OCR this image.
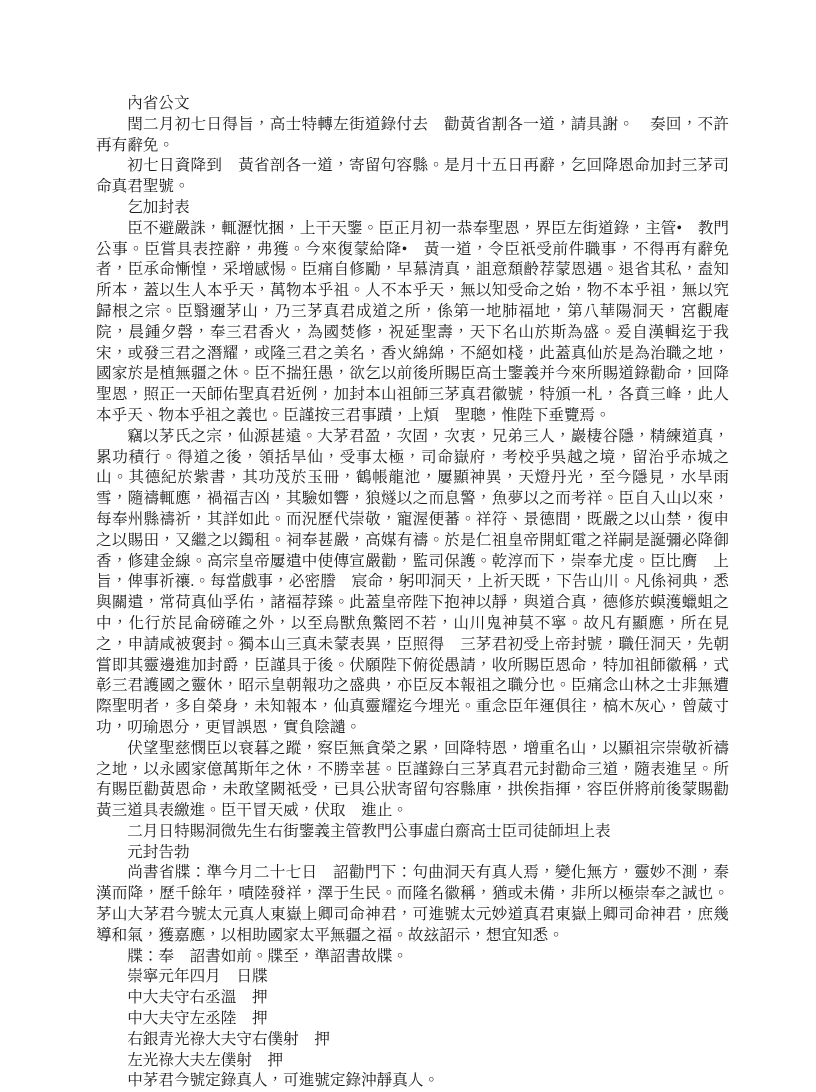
內省公文

閏二月初七日得旨，高士特轉左街道錄付去　勸黃省割各一道，請具謝。　奏回，不許再有辭免。

初七日資降到　黃省剖各一道，寄留句容縣。是月十五日再辭，乞回降恩命加封三茅司命真君聖號。

乞加封表

臣不避嚴誅，輒瀝忱捆，上干天鑒。臣正月初一恭奉聖恩，界臣左街道錄，主管•　教門公事。臣嘗具表控辭，弗獲。今來復蒙給降•　黃一道，令臣祇受前件職事，不得再有辭免者，臣承命慚惶，采增感惕。臣痛自修勵，早慕清真，詛意頹齡荐蒙恩遇。退省其私，盍知所本，蓋以生人本乎天，萬物本乎祖。人不本乎天，無以知受命之始，物不本乎祖，無以究歸根之宗。臣翳邇茅山，乃三茅真君成道之所，係第一地肺福地，第八華陽洞天，宮觀庵院，晨鍾夕磬，奉三君香火，為國焚修，祝延聖壽，天下名山於斯為盛。爰自漢輯迄于我宋，或發三君之潛耀，或隆三君之美名，香火綿綿，不絕如棧，此蓋真仙於是為治職之地，國家於是植無疆之休。臣不揣狂愚，欲乞以前後所賜臣高士鑒義并今來所賜道錄勸命，回降聖恩，照正一天師佑聖真君近例，加封本山祖師三茅真君徽號，特頒一札，各賁三峰，此人本乎天、物本乎祖之義也。臣謹按三君事蹟，上煩　聖聰，惟陛下垂覽焉。

竊以茅氏之宗，仙源甚遠。大茅君盈，次固，次衷，兄弟三人，巖棲谷隱，精練道真，累功積行。得道之後，領括旱仙，受事太極，司命嶽府，考校乎吳越之境，留治乎赤城之山。其德紀於紫書，其功茂於玉冊，鶴帳龍池，屢顯神異，天燈丹光，至今隱見，水旱雨雪，隨禱輒應，禍福吉凶，其驗如響，狼燧以之而息警，魚夢以之而考祥。臣自入山以來，每奉州縣禱祈，其詳如此。而況歷代崇敬，寵渥便蕃。祥符、景德間，既嚴之以山禁，復申之以賜田，又繼之以鐲租。祠奉甚嚴，高媒有禱。於是仁祖皇帝開虹電之祥嗣是誕彌必降御香，修建金線。高宗皇帝屢遣中使傳宣嚴勸，監司保護。乾淳而下，崇奉尤虔。臣比膺　上旨，俾事祈禳.。每當戲事，必密謄　宸命，躬叩洞天，上祈天既，下告山川。凡係祠典，悉與關遣，常荷真仙孚佑，諸福荐臻。此蓋皇帝陛下抱神以靜，與道合真，德修於蟆濩蠟蛆之中，化行於昆侖磅確之外，以至烏獸魚鱉罔不若，山川鬼神莫不寧。故凡有顯應，所在見之，申請咸被褒封。獨本山三真未蒙表異，臣照得　三茅君初受上帝封號，職任洞天，先朝嘗即其靈邊進加封爵，臣謹具于後。伏願陛下俯從愚請，收所賜臣恩命，特加祖師徽稱，式彰三君護國之靈休，昭示皇朝報功之盛典，亦臣反本報祖之職分也。臣痛念山林之士非無遭際聖明者，多自榮身，未知報本，仙真靈耀迄今埋光。重念臣年運俱往，槁木灰心，曾葳寸功，叨瑜恩分，更冒誤恩，實負陰譴。

伏望聖慈憫臣以衰暮之蹤，察臣無貪榮之累，回降特恩，增重名山，以顯祖宗崇敬祈禱之地，以永國家億萬斯年之休，不勝幸甚。臣謹錄白三茅真君元封勸命三道，隨表進呈。所有賜臣勸黃恩命，未敢望闕祗受，已具公狀寄留句容縣庫，拱俟指揮，容臣併將前後蒙賜勸黃三道具表繳進。臣干冒天威，伏取　進止。

二月日特賜洞微先生右街鑒義主管教門公事虛白齋高士臣司徒師坦上表

元封告勃

尚書省牒：準今月二十七日　詔勸門下：句曲洞天有真人焉，變化無方，靈妙不測，秦漢而降，歷千餘年，嘖陸發祥，澤于生民。而隆名徽稱，猶或未備，非所以極崇奉之誠也。茅山大茅君今號太元真人東嶽上卿司命神君，可進號太元妙道真君東嶽上卿司命神君，庶幾導和氣，獲嘉應，以相助國家太平無疆之福。故玆詔示，想宜知悉。

牒：奉　詔書如前。牒至，準詔書故牒。

崇寧元年四月　日牒

中大夫守右丞溫　押

中大夫守左丞陸　押

右銀青光祿大夫守右僕射　押

左光祿大夫左僕射　押

中茅君今號定錄真人，可進號定錄沖靜真人。
